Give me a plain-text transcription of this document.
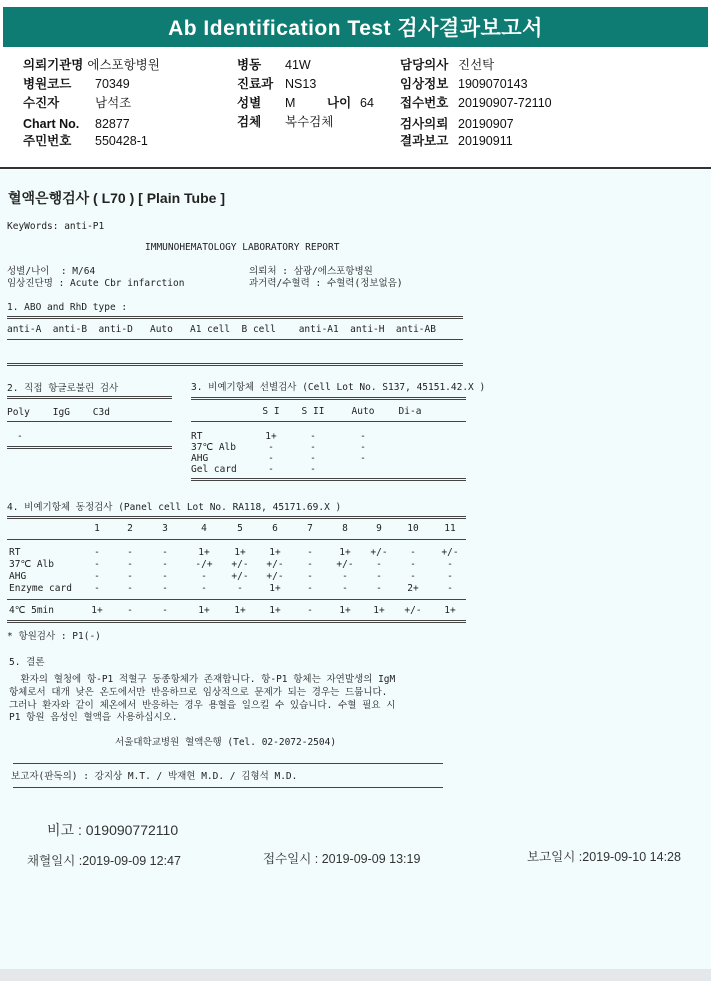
Ab Identification Test 검사결과보고서
의뢰기관명 에스포항병원
병원코드 70349
수진자	남석조
Chart No. 82877
주민번호 550428-1
병동 41W
진료과 NS13
성별 M	나이 64
검체 복수검체
담당의사 진선탁
임상정보 1909070143
접수번호 20190907-72110
검사의뢰 20190907
결과보고 20190911
혈액은행검사 ( L70 ) [ Plain Tube ]
KeyWords: anti-P1
IMMUNOHEMATOLOGY LABORATORY REPORT
성별/나이  : M/64
임상진단명 : Acute Cbr infarction
의뢰처 : 삼광/에스포항병원
과거력/수혈력 : 수혈력(정보없음)
1. ABO and RhD type :
anti-A  anti-B  anti-D   Auto   A1 cell  B cell    anti-A1  anti-H  anti-AB
2. 직접 항글로불린 검사
Poly    IgG    C3d
-
3. 비예기항체 선별검사 (Cell Lot No. S137, 45151.42.X )
S I	S II	Auto	Di-a
RT	1+	-	-
37℃ Alb	-	-	-
AHG	-	-	-
Gel card	-	-
4. 비예기항체 동정검사 (Panel cell Lot No. RA118, 45171.69.X )
1	2	3	4	5	6	7	8	9	10	11
RT	-	-	-	1+	1+	1+	-	1+	+/-	-	+/-
37℃ Alb	-	-	-	-/+	+/-	+/-	-	+/-	-	-	-
AHG	-	-	-	-	+/-	+/-	-	-	-	-	-
Enzyme card	-	-	-	-	-	1+	-	-	-	2+	-
4℃ 5min	1+	-	-	1+	1+	1+	-	1+	1+	+/-	1+
* 항원검사 : P1(-)
5. 결론
환자의 혈청에 항-P1 적혈구 동종항체가 존재합니다. 항-P1 항체는 자연발생의 IgM
항체로서 대개 낮은 온도에서만 반응하므로 임상적으로 문제가 되는 경우는 드뭅니다.
그러나 환자와 같이 체온에서 반응하는 경우 용혈을 일으킬 수 있습니다. 수혈 필요 시
P1 항원 음성인 혈액을 사용하십시오.
서울대학교병원 혈액은행 (Tel. 02-2072-2504)
보고자(판독의) : 강지상 M.T. / 박재현 M.D. / 김형석 M.D.
비고 : 019090772110
채혈일시 :2019-09-09 12:47	접수일시 : 2019-09-09 13:19	보고일시 :2019-09-10 14:28
